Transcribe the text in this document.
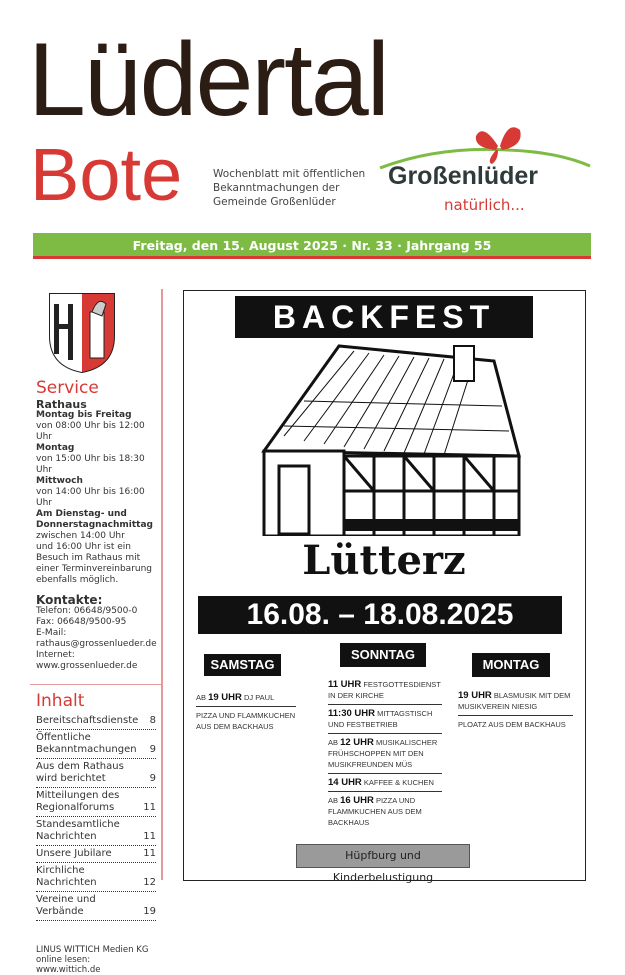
Lüdertal
Bote	Wochenblatt mit öffentlichen
Bekanntmachungen der
Gemeinde Großenlüder
Großenlüder
natürlich...
Freitag, den 15. August 2025 · Nr. 33 · Jahrgang 55
Service
Rathaus
Montag bis Freitag
von 08:00 Uhr bis 12:00 Uhr
Montag
von 15:00 Uhr bis 18:30 Uhr
Mittwoch
von 14:00 Uhr bis 16:00 Uhr
Am Dienstag- und
Donnerstagnachmittag
zwischen 14:00 Uhr
und 16:00 Uhr ist ein
Besuch im Rathaus mit
einer Terminvereinbarung
ebenfalls möglich.
Kontakte:
Telefon: 06648/9500-0
Fax: 06648/9500-95
E-Mail:
rathaus@grossenlueder.de
Internet:
www.grossenlueder.de
Inhalt
Bereitschaftsdienste 8
Öffentliche Bekanntmachungen 9
Aus dem Rathaus wird berichtet	9
Mitteilungen des Regionalforums	11
Standesamtliche Nachrichten	11
Unsere Jubilare	11
Kirchliche Nachrichten	12
Vereine und Verbände	19
LINUS WITTICH Medien KG
online lesen: www.wittich.de
BACKFEST
Lütterz
16.08. – 18.08.2025
SAMSTAG
AB 19 UHR DJ PAUL
PIZZA UND FLAMMKUCHEN AUS DEM BACKHAUS
SONNTAG
11 UHR FESTGOTTESDIENST IN DER KIRCHE
11:30 UHR MITTAGSTISCH UND FESTBETRIEB
AB 12 UHR MUSIKALISCHER FRÜHSCHOPPEN MIT DEN MUSIKFREUNDEN MÜS
14 UHR KAFFEE & KUCHEN
AB 16 UHR PIZZA UND FLAMMKUCHEN AUS DEM BACKHAUS
MONTAG
19 UHR BLASMUSIK MIT DEM MUSIKVEREIN NIESIG
PLOATZ AUS DEM BACKHAUS
Hüpfburg und Kinderbelustigung
